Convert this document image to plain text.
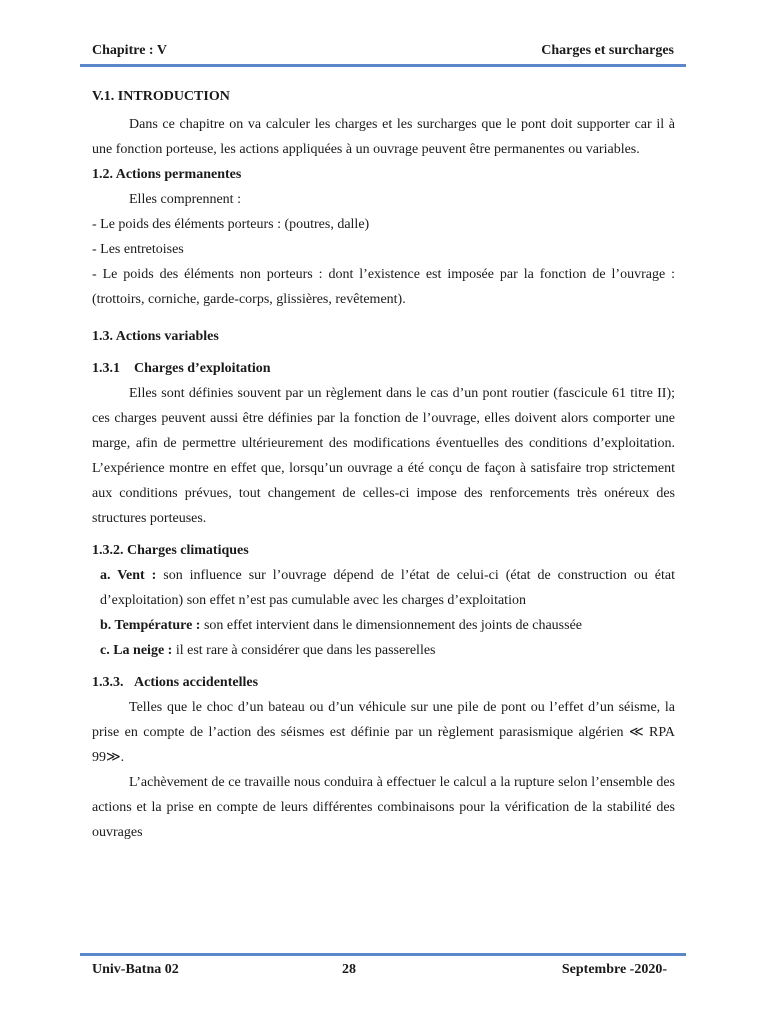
Chapitre : V	Charges et surcharges

V.1. INTRODUCTION

Dans ce chapitre on va calculer les charges et les surcharges que le pont doit supporter car il à une fonction porteuse, les actions appliquées à un ouvrage peuvent être permanentes ou variables.

1.2. Actions permanentes

Elles comprennent :

- Le poids des éléments porteurs : (poutres, dalle)

- Les entretoises

- Le poids des éléments non porteurs : dont l’existence est imposée par la fonction de l’ouvrage : (trottoirs, corniche, garde-corps, glissières, revêtement).

1.3. Actions variables

1.3.1 Charges d’exploitation

Elles sont définies souvent par un règlement dans le cas d’un pont routier (fascicule 61 titre II); ces charges peuvent aussi être définies par la fonction de l’ouvrage, elles doivent alors comporter une marge, afin de permettre ultérieurement des modifications éventuelles des conditions d’exploitation. L’expérience montre en effet que, lorsqu’un ouvrage a été conçu de façon à satisfaire trop strictement aux conditions prévues, tout changement de celles-ci impose des renforcements très onéreux des structures porteuses.

1.3.2. Charges climatiques

a. Vent : son influence sur l’ouvrage dépend de l’état de celui-ci (état de construction ou état d’exploitation) son effet n’est pas cumulable avec les charges d’exploitation

b. Température : son effet intervient dans le dimensionnement des joints de chaussée

c. La neige : il est rare à considérer que dans les passerelles

1.3.3. Actions accidentelles

Telles que le choc d’un bateau ou d’un véhicule sur une pile de pont ou l’effet d’un séisme, la prise en compte de l’action des séismes est définie par un règlement parasismique algérien ≪ RPA 99≫.

L’achèvement de ce travaille nous conduira à effectuer le calcul a la rupture selon l’ensemble des actions et la prise en compte de leurs différentes combinaisons pour la vérification de la stabilité des ouvrages

Univ-Batna 02	28	Septembre -2020-
